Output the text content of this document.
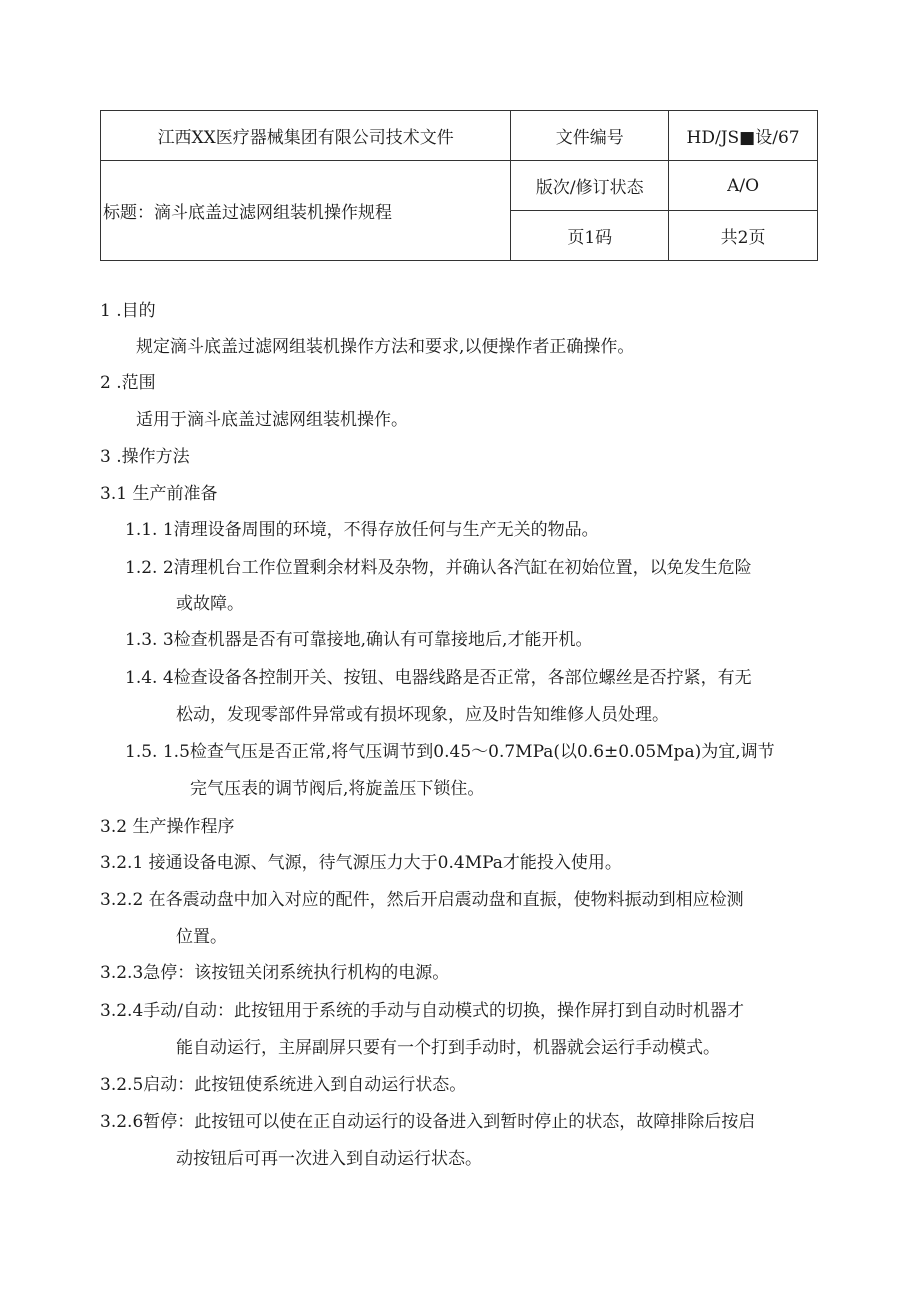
江西XX医疗器械集团有限公司技术文件	文件编号	HD/JS■设/67
标题：滴斗底盖过滤网组装机操作规程	版次/修订状态	A/O
	页1码	共2页
1 .目的
规定滴斗底盖过滤网组装机操作方法和要求,以便操作者正确操作。
2 .范围
适用于滴斗底盖过滤网组装机操作。
3 .操作方法
3.1 生产前准备
1.1. 1清理设备周围的环境，不得存放任何与生产无关的物品。
1.2. 2清理机台工作位置剩余材料及杂物，并确认各汽缸在初始位置，以免发生危险
或故障。
1.3. 3检查机器是否有可靠接地,确认有可靠接地后,才能开机。
1.4. 4检查设备各控制开关、按钮、电器线路是否正常，各部位螺丝是否拧紧，有无
松动，发现零部件异常或有损坏现象，应及时告知维修人员处理。
1.5. 1.5检查气压是否正常,将气压调节到0.45～0.7MPa(以0.6±0.05Mpa)为宜,调节
完气压表的调节阀后,将旋盖压下锁住。
3.2 生产操作程序
3.2.1 接通设备电源、气源，待气源压力大于0.4MPa才能投入使用。
3.2.2 在各震动盘中加入对应的配件，然后开启震动盘和直振，使物料振动到相应检测
位置。
3.2.3急停：该按钮关闭系统执行机构的电源。
3.2.4手动/自动：此按钮用于系统的手动与自动模式的切换，操作屏打到自动时机器才
能自动运行，主屏副屏只要有一个打到手动时，机器就会运行手动模式。
3.2.5启动：此按钮使系统进入到自动运行状态。
3.2.6暂停：此按钮可以使在正自动运行的设备进入到暂时停止的状态，故障排除后按启
动按钮后可再一次进入到自动运行状态。
